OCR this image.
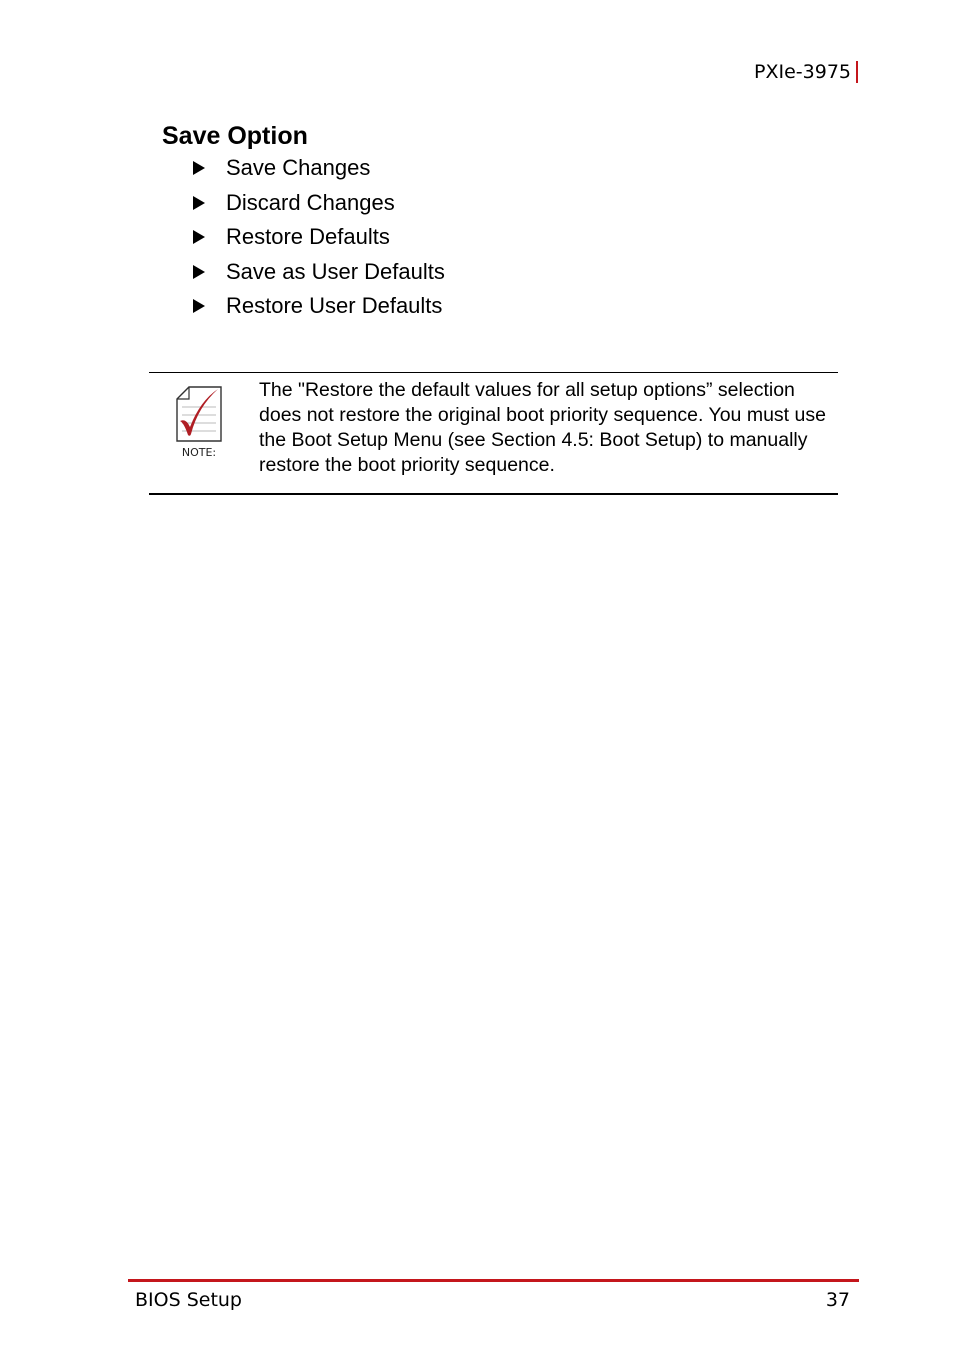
PXIe-3975
Save Option
Save Changes
Discard Changes
Restore Defaults
Save as User Defaults
Restore User Defaults
NOTE:

The "Restore the default values for all setup options” selection does not restore the original boot priority sequence. You must use the Boot Setup Menu (see Section 4.5: Boot Setup) to manually restore the boot priority sequence.

BIOS Setup	37
